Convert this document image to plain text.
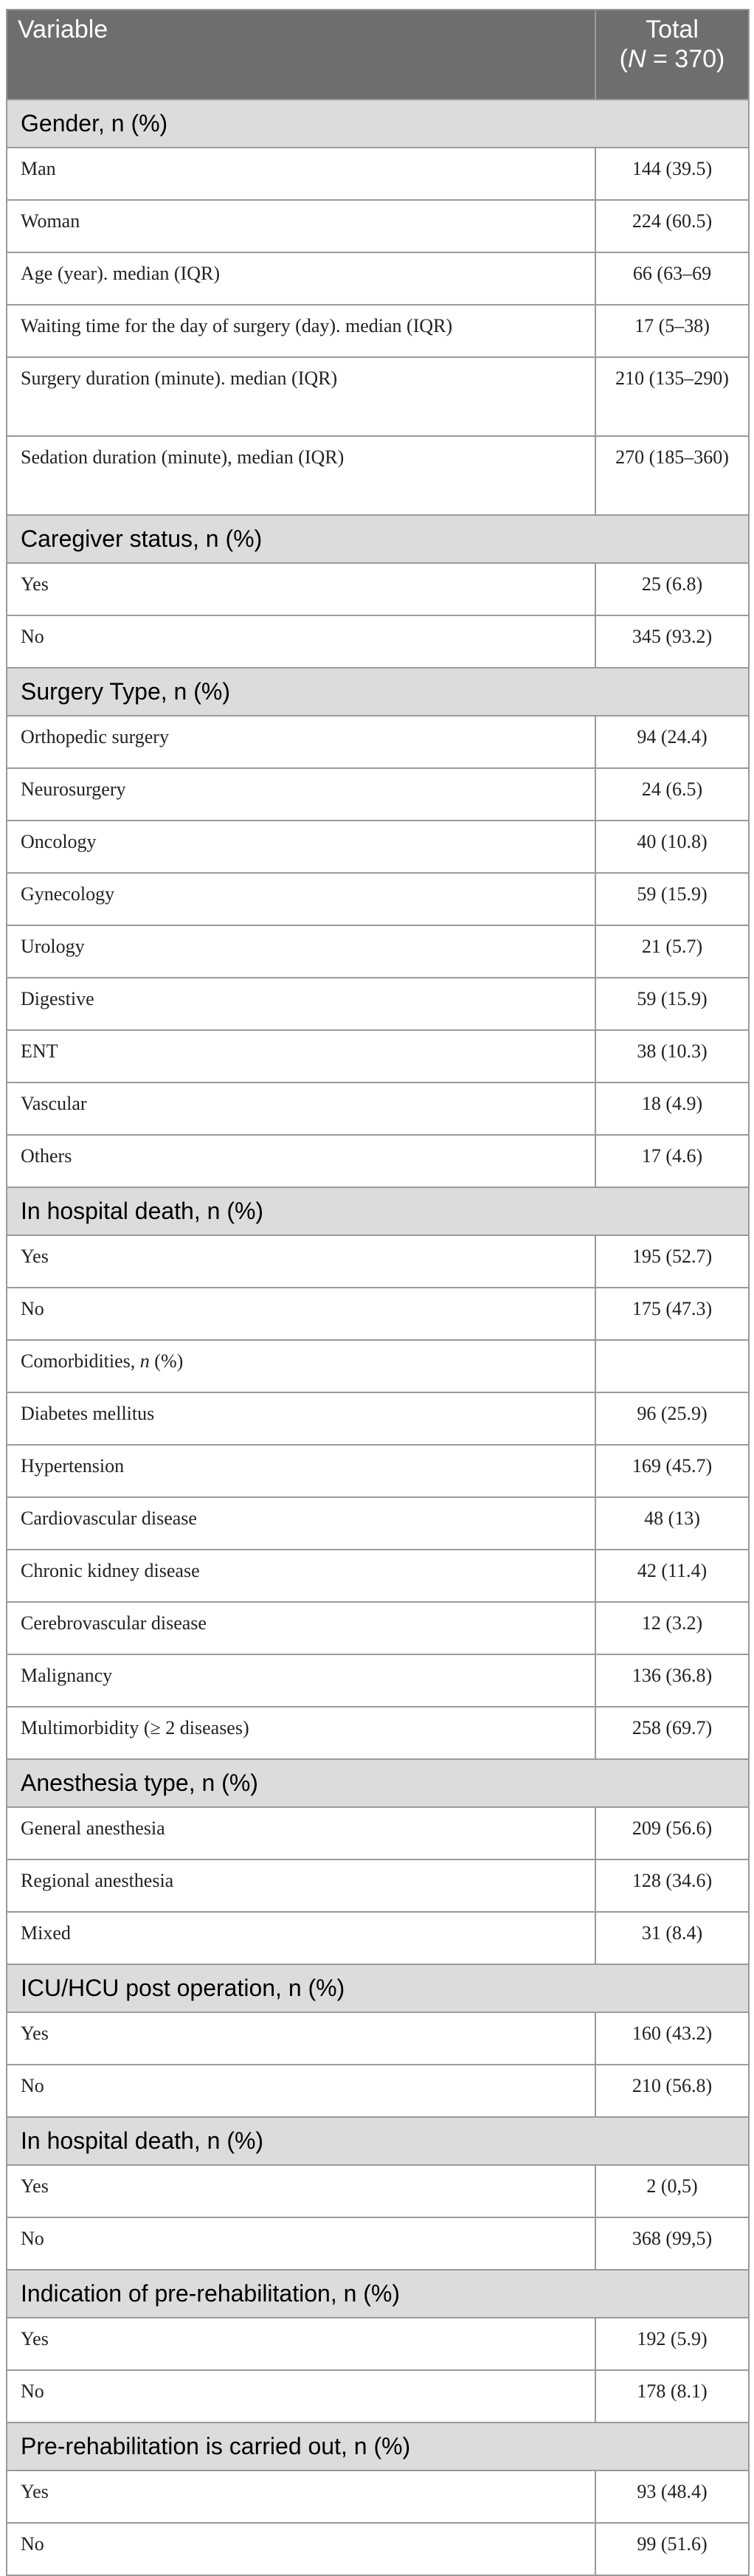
Variable	Total
(N = 370)
Gender, n (%)	
Man	144 (39.5)
Woman	224 (60.5)
Age (year). median (IQR)	66 (63–69
Waiting time for the day of surgery (day). median (IQR)	17 (5–38)
Surgery duration (minute). median (IQR)	210 (135–290)
Sedation duration (minute), median (IQR)	270 (185–360)
Caregiver status, n (%)	
Yes	25 (6.8)
No	345 (93.2)
Surgery Type, n (%)	
Orthopedic surgery	94 (24.4)
Neurosurgery	24 (6.5)
Oncology	40 (10.8)
Gynecology	59 (15.9)
Urology	21 (5.7)
Digestive	59 (15.9)
ENT	38 (10.3)
Vascular	18 (4.9)
Others	17 (4.6)
In hospital death, n (%)	
Yes	195 (52.7)
No	175 (47.3)
Comorbidities, n (%)	
Diabetes mellitus	96 (25.9)
Hypertension	169 (45.7)
Cardiovascular disease	48 (13)
Chronic kidney disease	42 (11.4)
Cerebrovascular disease	12 (3.2)
Malignancy	136 (36.8)
Multimorbidity (≥ 2 diseases)	258 (69.7)
Anesthesia type, n (%)	
General anesthesia	209 (56.6)
Regional anesthesia	128 (34.6)
Mixed	31 (8.4)
ICU/HCU post operation, n (%)	
Yes	160 (43.2)
No	210 (56.8)
In hospital death, n (%)	
Yes	2 (0,5)
No	368 (99,5)
Indication of pre-rehabilitation, n (%)	
Yes	192 (5.9)
No	178 (8.1)
Pre-rehabilitation is carried out, n (%)	
Yes	93 (48.4)
No	99 (51.6)
